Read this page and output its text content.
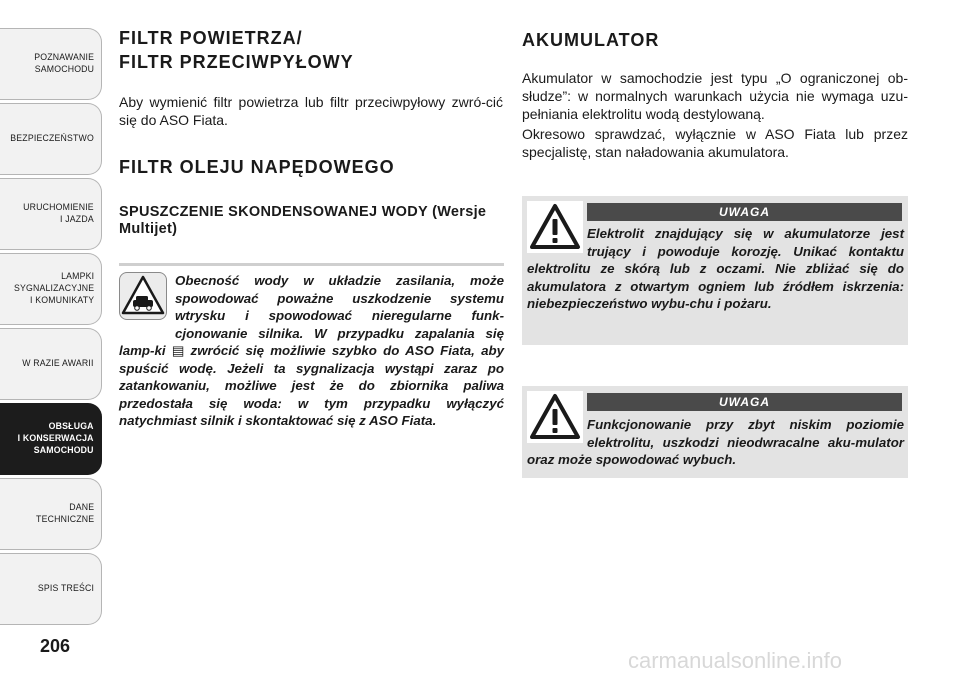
POZNAWANIE
SAMOCHODU
BEZPIECZEŃSTWO
URUCHOMIENIE
I JAZDA
LAMPKI
SYGNALIZACYJNE
I KOMUNIKATY
W RAZIE AWARII
OBSŁUGA
I KONSERWACJA
SAMOCHODU
DANE
TECHNICZNE
SPIS TREŚCI
206
FILTR POWIETRZA/
FILTR PRZECIWPYŁOWY

Aby wymienić filtr powietrza lub filtr przeciwpyłowy zwró-cić się do ASO Fiata.

FILTR OLEJU NAPĘDOWEGO
SPUSZCZENIE SKONDENSOWANEJ WODY (Wersje Multijet)

Obecność wody w układzie zasilania, może spowodować poważne uszkodzenie systemu wtrysku i spowodować nieregularne funk-cjonowanie silnika. W przypadku zapalania się lamp-ki ▤ zwrócić się możliwie szybko do ASO Fiata, aby spuścić wodę. Jeżeli ta sygnalizacja wystąpi zaraz po zatankowaniu, możliwe jest że do zbiornika paliwa przedostała się woda: w tym przypadku wyłączyć natychmiast silnik i skontaktować się z ASO Fiata.

AKUMULATOR

Akumulator w samochodzie jest typu „O ograniczonej ob-słudze”: w normalnych warunkach użycia nie wymaga uzu-pełniania elektrolitu wodą destylowaną.

Okresowo sprawdzać, wyłącznie w ASO Fiata lub przez specjalistę, stan naładowania akumulatora.

UWAGA

Elektrolit znajdujący się w akumulatorze jest trujący i powoduje korozję. Unikać kontaktu elektrolitu ze skórą lub z oczami. Nie zbliżać się do akumulatora z otwartym ogniem lub źródłem iskrzenia: niebezpieczeństwo wybu-chu i pożaru.

UWAGA

Funkcjonowanie przy zbyt niskim poziomie elektrolitu, uszkodzi nieodwracalne aku-mulator oraz może spowodować wybuch.

carmanualsonline.info
